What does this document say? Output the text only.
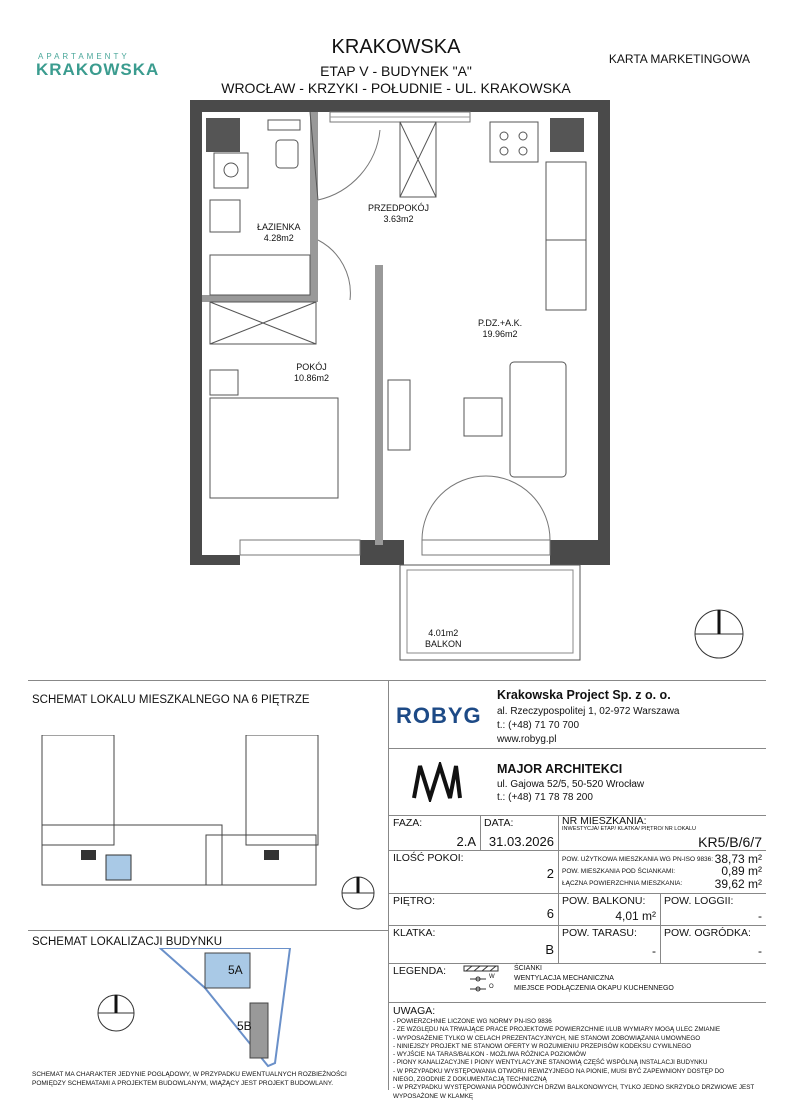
APARTAMENTY
KRAKOWSKA
KRAKOWSKA
ETAP V - BUDYNEK "A"
WROCŁAW - KRZYKI - POŁUDNIE - UL. KRAKOWSKA
KARTA MARKETINGOWA
ŁAZIENKA
4.28m2
PRZEDPOKÓJ
3.63m2
P.DZ.+A.K.
19.96m2
POKÓJ
10.86m2
4.01m2
BALKON
SCHEMAT LOKALU MIESZKALNEGO NA 6 PIĘTRZE
SCHEMAT LOKALIZACJI BUDYNKU
5A
5B
SCHEMAT MA CHARAKTER JEDYNIE POGLĄDOWY, W PRZYPADKU EWENTUALNYCH ROZBIEŻNOŚCI
POMIĘDZY SCHEMATAMI A PROJEKTEM BUDOWLANYM, WIĄŻĄCY JEST PROJEKT BUDOWLANY.
ROBYG
Krakowska Project Sp. z o. o.
al. Rzeczypospolitej 1, 02-972 Warszawa
t.: (+48) 71 70 700
www.robyg.pl
MAJOR ARCHITEKCI
ul. Gajowa 52/5, 50-520 Wrocław
t.: (+48) 71 78 78 200
FAZA:
2.A
DATA:
31.03.2026
NR MIESZKANIA:
INWESTYCJA/ ETAP/ KLATKA/ PIĘTRO/ NR LOKALU
KR5/B/6/7
ILOŚĆ POKOI:
2
POW. UŻYTKOWA MIESZKANIA WG PN-ISO 9836: 38,73 m²
POW. MIESZKANIA POD ŚCIANKAMI:	0,89 m²
ŁĄCZNA POWIERZCHNIA MIESZKANIA:	39,62 m²
PIĘTRO:
6
POW. BALKONU:
4,01 m²
POW. LOGGII:
-
KLATKA:
B
POW. TARASU:
-
POW. OGRÓDKA:
-
LEGENDA:	W
O
ŚCIANKI
WENTYLACJA MECHANICZNA
MIEJSCE PODŁĄCZENIA OKAPU KUCHENNEGO
UWAGA:
- POWIERZCHNIE LICZONE WG NORMY PN-ISO 9836
- ZE WZGLĘDU NA TRWAJĄCE PRACE PROJEKTOWE POWIERZCHNIE I/LUB WYMIARY MOGĄ ULEC ZMIANIE
- WYPOSAŻENIE TYLKO W CELACH PREZENTACYJNYCH, NIE STANOWI ZOBOWIĄZANIA UMOWNEGO
- NINIEJSZY PROJEKT NIE STANOWI OFERTY W ROZUMIENIU PRZEPISÓW KODEKSU CYWILNEGO
- WYJŚCIE NA TARAS/BALKON - MOŻLIWA RÓŻNICA POZIOMÓW
- PIONY KANALIZACYJNE I PIONY WENTYLACYJNE STANOWIĄ CZĘŚĆ WSPÓLNĄ INSTALACJI BUDYNKU
- W PRZYPADKU WYSTĘPOWANIA OTWORU REWIZYJNEGO NA PIONIE, MUSI BYĆ ZAPEWNIONY DOSTĘP DO
NIEGO, ZGODNIE Z DOKUMENTACJĄ TECHNICZNĄ
- W PRZYPADKU WYSTĘPOWANIA PODWÓJNYCH DRZWI BALKONOWYCH, TYLKO JEDNO SKRZYDŁO DRZWIOWE JEST
WYPOSAŻONE W KLAMKĘ
